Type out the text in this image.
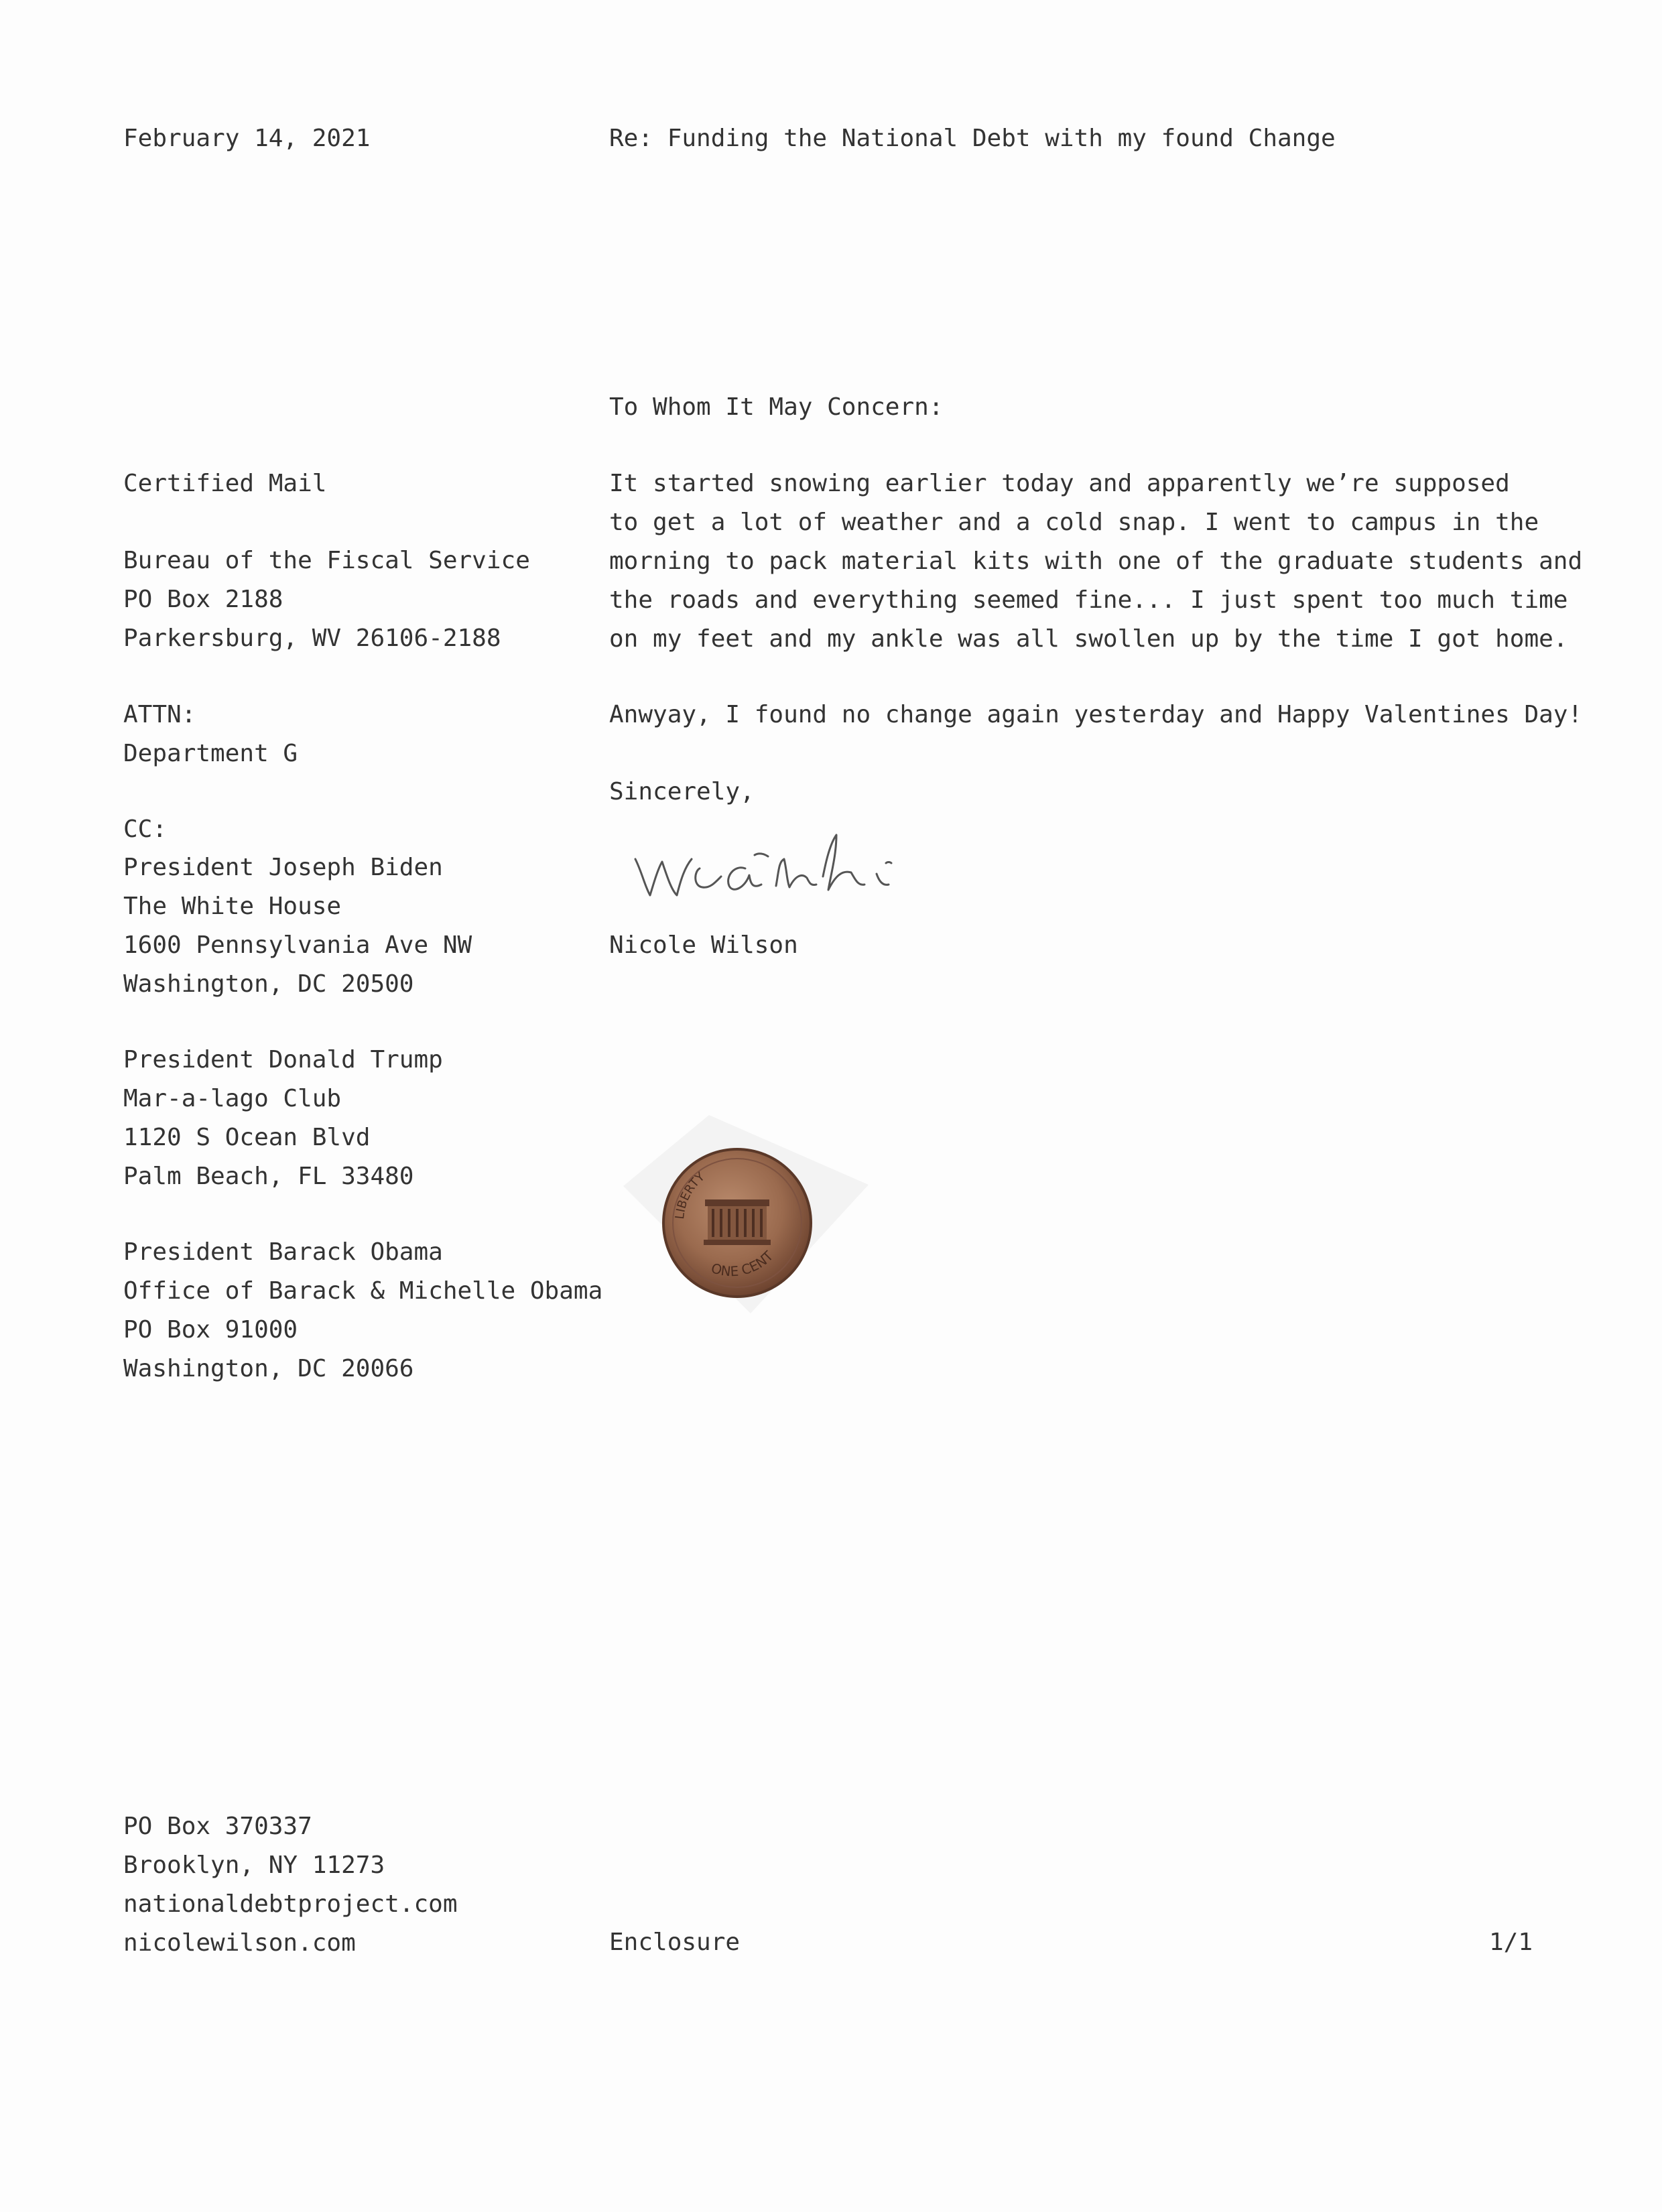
February 14, 2021	Re: Funding the National Debt with my found Change
Certified Mail
Bureau of the Fiscal Service
PO Box 2188
Parkersburg, WV 26106-2188
ATTN:
Department G
CC:
President Joseph Biden
The White House
1600 Pennsylvania Ave NW
Washington, DC 20500
President Donald Trump
Mar-a-lago Club
1120 S Ocean Blvd
Palm Beach, FL 33480
President Barack Obama
Office of Barack & Michelle Obama
PO Box 91000
Washington, DC 20066
To Whom It May Concern:
It started snowing earlier today and apparently we’re supposed
to get a lot of weather and a cold snap. I went to campus in the
morning to pack material kits with one of the graduate students and
the roads and everything seemed fine... I just spent too much time
on my feet and my ankle was all swollen up by the time I got home.
Anwyay, I found no change again yesterday and Happy Valentines Day!
Sincerely,
Nicole Wilson
LIBERTY
ONE CENT
PO Box 370337
Brooklyn, NY 11273
nationaldebtproject.com
nicolewilson.com	Enclosure	1/1
